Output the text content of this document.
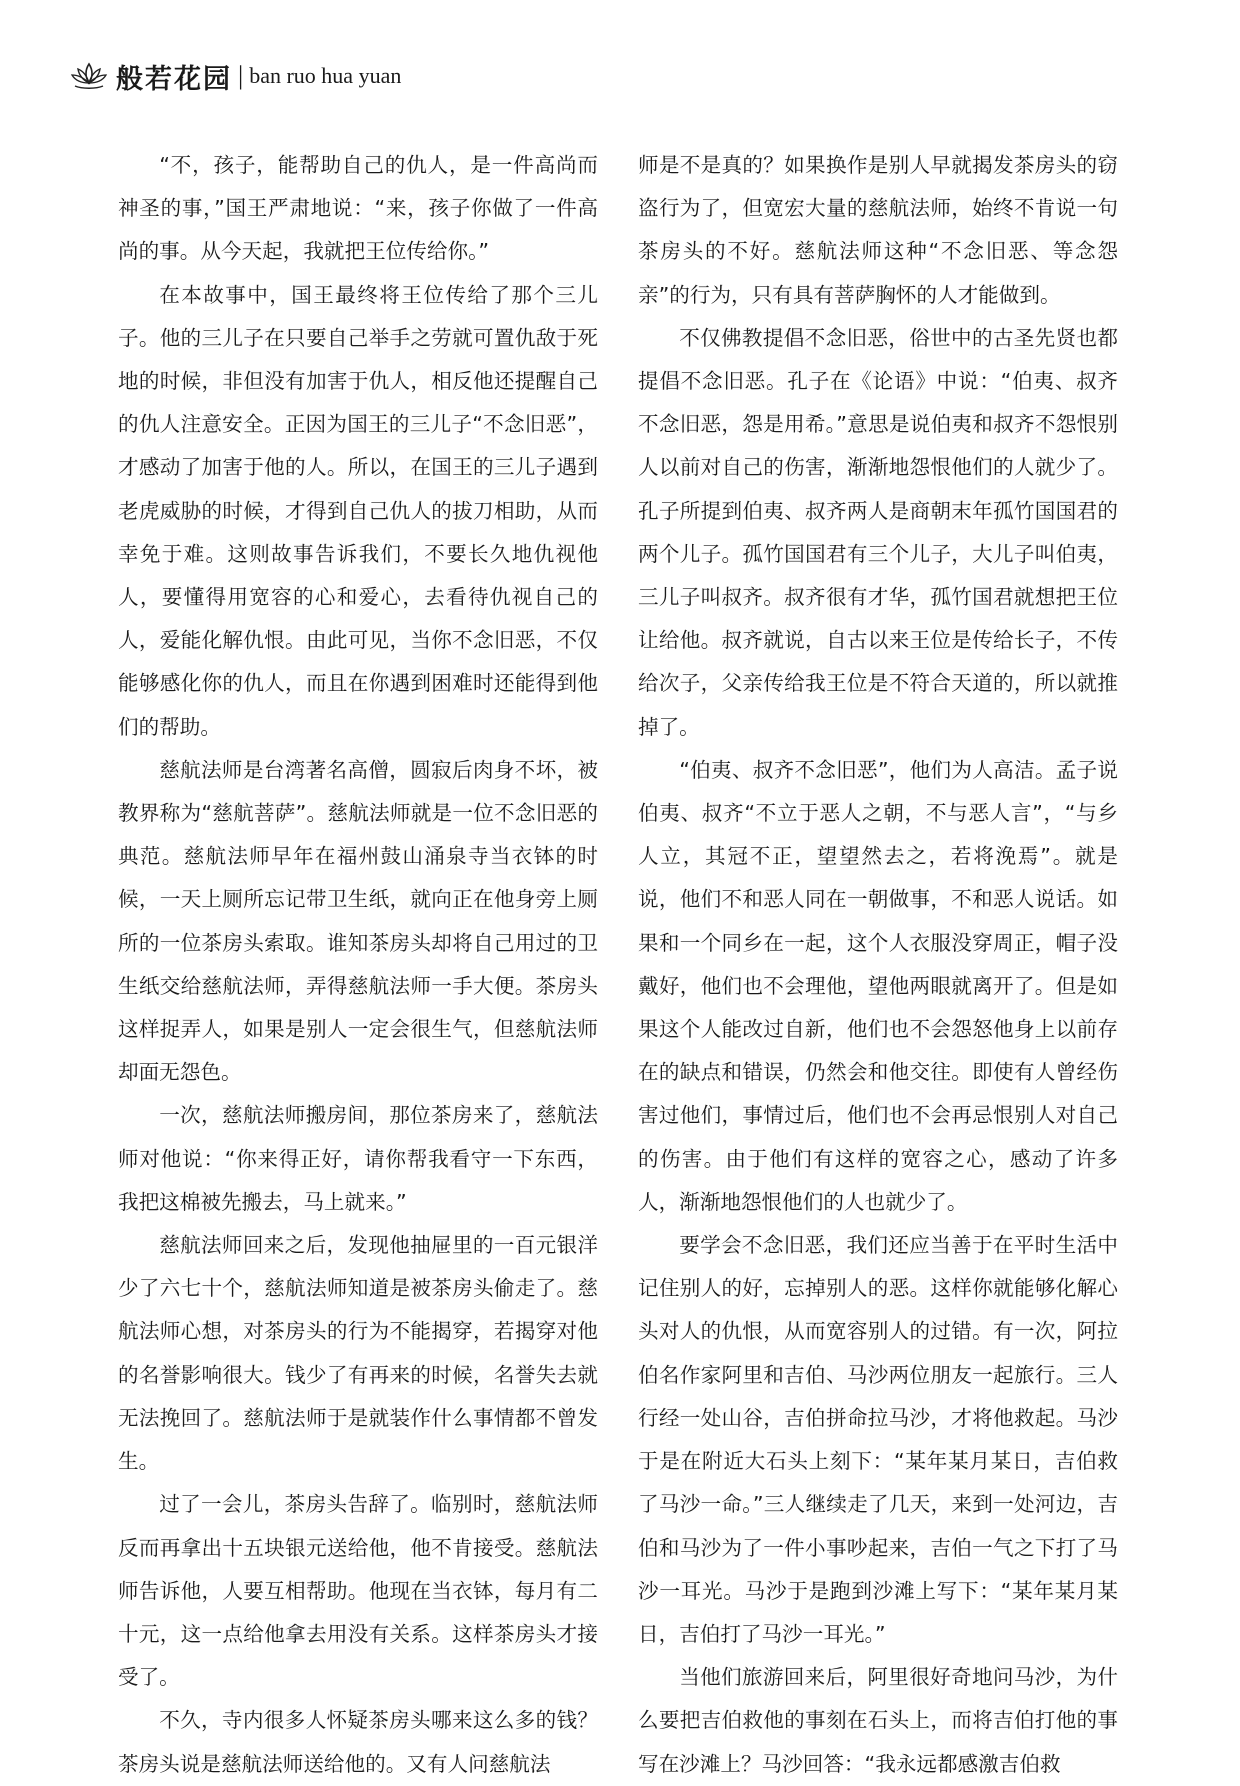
般若花园 | ban ruo hua yuan

“不，孩子，能帮助自己的仇人，是一件高尚而神圣的事，”国王严肃地说：“来，孩子你做了一件高尚的事。从今天起，我就把王位传给你。”

在本故事中，国王最终将王位传给了那个三儿子。他的三儿子在只要自己举手之劳就可置仇敌于死地的时候，非但没有加害于仇人，相反他还提醒自己的仇人注意安全。正因为国王的三儿子“不念旧恶”，才感动了加害于他的人。所以，在国王的三儿子遇到老虎威胁的时候，才得到自己仇人的拔刀相助，从而幸免于难。这则故事告诉我们，不要长久地仇视他人，要懂得用宽容的心和爱心，去看待仇视自己的人，爱能化解仇恨。由此可见，当你不念旧恶，不仅能够感化你的仇人，而且在你遇到困难时还能得到他们的帮助。

慈航法师是台湾著名高僧，圆寂后肉身不坏，被教界称为“慈航菩萨”。慈航法师就是一位不念旧恶的典范。慈航法师早年在福州鼓山涌泉寺当衣钵的时候，一天上厕所忘记带卫生纸，就向正在他身旁上厕所的一位茶房头索取。谁知茶房头却将自己用过的卫生纸交给慈航法师，弄得慈航法师一手大便。茶房头这样捉弄人，如果是别人一定会很生气，但慈航法师却面无怨色。

一次，慈航法师搬房间，那位茶房来了，慈航法师对他说：“你来得正好，请你帮我看守一下东西，我把这棉被先搬去，马上就来。”

慈航法师回来之后，发现他抽屉里的一百元银洋少了六七十个，慈航法师知道是被茶房头偷走了。慈航法师心想，对茶房头的行为不能揭穿，若揭穿对他的名誉影响很大。钱少了有再来的时候，名誉失去就无法挽回了。慈航法师于是就装作什么事情都不曾发生。

过了一会儿，茶房头告辞了。临别时，慈航法师反而再拿出十五块银元送给他，他不肯接受。慈航法师告诉他，人要互相帮助。他现在当衣钵，每月有二十元，这一点给他拿去用没有关系。这样茶房头才接受了。

不久，寺内很多人怀疑茶房头哪来这么多的钱？茶房头说是慈航法师送给他的。又有人问慈航法

师是不是真的？如果换作是别人早就揭发茶房头的窃盗行为了，但宽宏大量的慈航法师，始终不肯说一句茶房头的不好。慈航法师这种“不念旧恶、等念怨亲”的行为，只有具有菩萨胸怀的人才能做到。

不仅佛教提倡不念旧恶，俗世中的古圣先贤也都提倡不念旧恶。孔子在《论语》中说：“伯夷、叔齐不念旧恶，怨是用希。”意思是说伯夷和叔齐不怨恨别人以前对自己的伤害，渐渐地怨恨他们的人就少了。孔子所提到伯夷、叔齐两人是商朝末年孤竹国国君的两个儿子。孤竹国国君有三个儿子，大儿子叫伯夷，三儿子叫叔齐。叔齐很有才华，孤竹国君就想把王位让给他。叔齐就说，自古以来王位是传给长子，不传给次子，父亲传给我王位是不符合天道的，所以就推掉了。

“伯夷、叔齐不念旧恶”，他们为人高洁。孟子说伯夷、叔齐“不立于恶人之朝，不与恶人言”，“与乡人立，其冠不正，望望然去之，若将浼焉”。就是说，他们不和恶人同在一朝做事，不和恶人说话。如果和一个同乡在一起，这个人衣服没穿周正，帽子没戴好，他们也不会理他，望他两眼就离开了。但是如果这个人能改过自新，他们也不会怨怒他身上以前存在的缺点和错误，仍然会和他交往。即使有人曾经伤害过他们，事情过后，他们也不会再忌恨别人对自己的伤害。由于他们有这样的宽容之心，感动了许多人，渐渐地怨恨他们的人也就少了。

要学会不念旧恶，我们还应当善于在平时生活中记住别人的好，忘掉别人的恶。这样你就能够化解心头对人的仇恨，从而宽容别人的过错。有一次，阿拉伯名作家阿里和吉伯、马沙两位朋友一起旅行。三人行经一处山谷，吉伯拼命拉马沙，才将他救起。马沙于是在附近大石头上刻下：“某年某月某日，吉伯救了马沙一命。”三人继续走了几天，来到一处河边，吉伯和马沙为了一件小事吵起来，吉伯一气之下打了马沙一耳光。马沙于是跑到沙滩上写下：“某年某月某日，吉伯打了马沙一耳光。”

当他们旅游回来后，阿里很好奇地问马沙，为什么要把吉伯救他的事刻在石头上，而将吉伯打他的事写在沙滩上？马沙回答：“我永远都感激吉伯救
